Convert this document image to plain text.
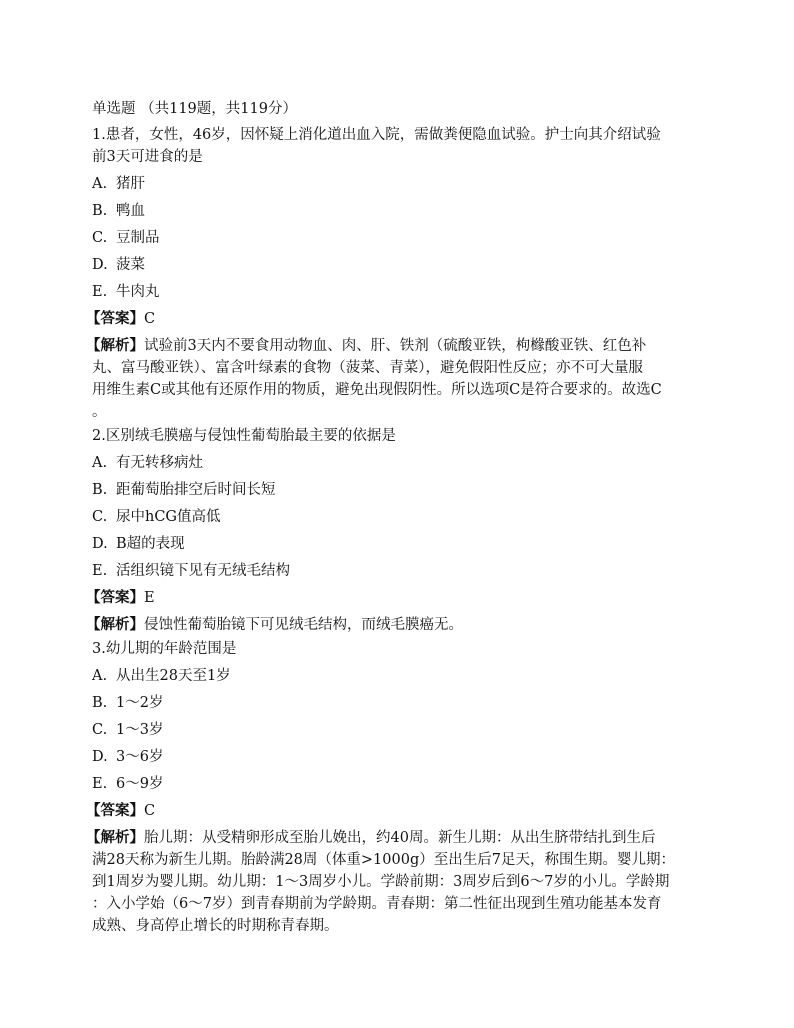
单选题 （共119题，共119分）

1.患者，女性，46岁，因怀疑上消化道出血入院，需做粪便隐血试验。护士向其介绍试验

前3天可进食的是

A. 猪肝
B. 鸭血
C. 豆制品
D. 菠菜
E. 牛肉丸
【答案】C
【解析】试验前3天内不要食用动物血、肉、肝、铁剂（硫酸亚铁，枸橼酸亚铁、红色补
丸、富马酸亚铁）、富含叶绿素的食物（菠菜、青菜），避免假阳性反应；亦不可大量服
用维生素C或其他有还原作用的物质，避免出现假阴性。所以选项C是符合要求的。故选C
。

2.区别绒毛膜癌与侵蚀性葡萄胎最主要的依据是

A. 有无转移病灶
B. 距葡萄胎排空后时间长短
C. 尿中hCG值高低
D. B超的表现
E. 活组织镜下见有无绒毛结构
【答案】E
【解析】侵蚀性葡萄胎镜下可见绒毛结构，而绒毛膜癌无。

3.幼儿期的年龄范围是

A. 从出生28天至1岁
B. 1～2岁
C. 1～3岁
D. 3～6岁
E. 6～9岁
【答案】C
【解析】胎儿期：从受精卵形成至胎儿娩出，约40周。新生儿期：从出生脐带结扎到生后
满28天称为新生儿期。胎龄满28周（体重>1000g）至出生后7足天，称围生期。婴儿期：
到1周岁为婴儿期。幼儿期：1～3周岁小儿。学龄前期：3周岁后到6～7岁的小儿。学龄期
：入小学始（6～7岁）到青春期前为学龄期。青春期：第二性征出现到生殖功能基本发育
成熟、身高停止增长的时期称青春期。
